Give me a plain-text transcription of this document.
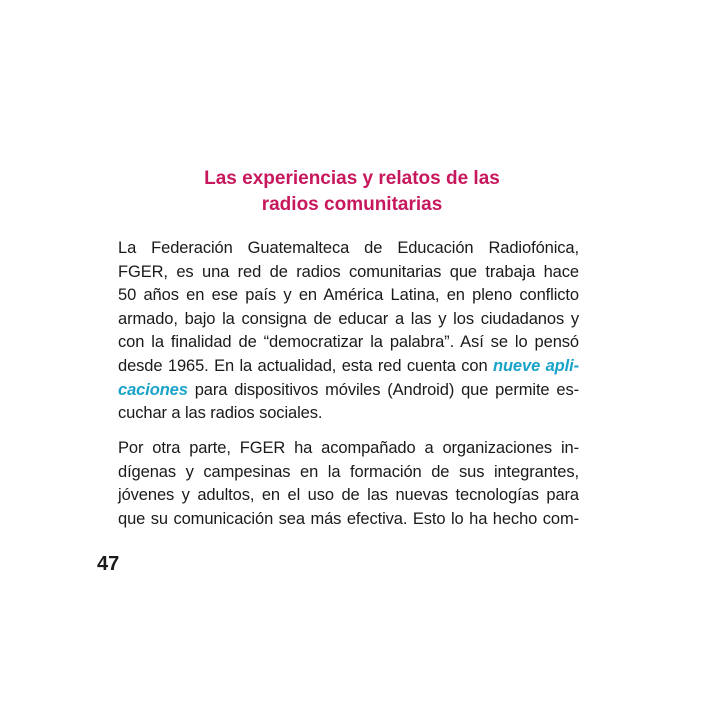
Las experiencias y relatos de las
radios comunitarias

La Federación Guatemalteca de Educación Radiofónica,
FGER, es una red de radios comunitarias que trabaja hace
50 años en ese país y en América Latina, en pleno conflicto
armado, bajo la consigna de educar a las y los ciudadanos y
con la finalidad de “democratizar la palabra”. Así se lo pensó
desde 1965. En la actualidad, esta red cuenta con nueve apli-
caciones para dispositivos móviles (Android) que permite es-
cuchar a las radios sociales.

Por otra parte, FGER ha acompañado a organizaciones in-
dígenas y campesinas en la formación de sus integrantes,
jóvenes y adultos, en el uso de las nuevas tecnologías para
que su comunicación sea más efectiva. Esto lo ha hecho com-

47
